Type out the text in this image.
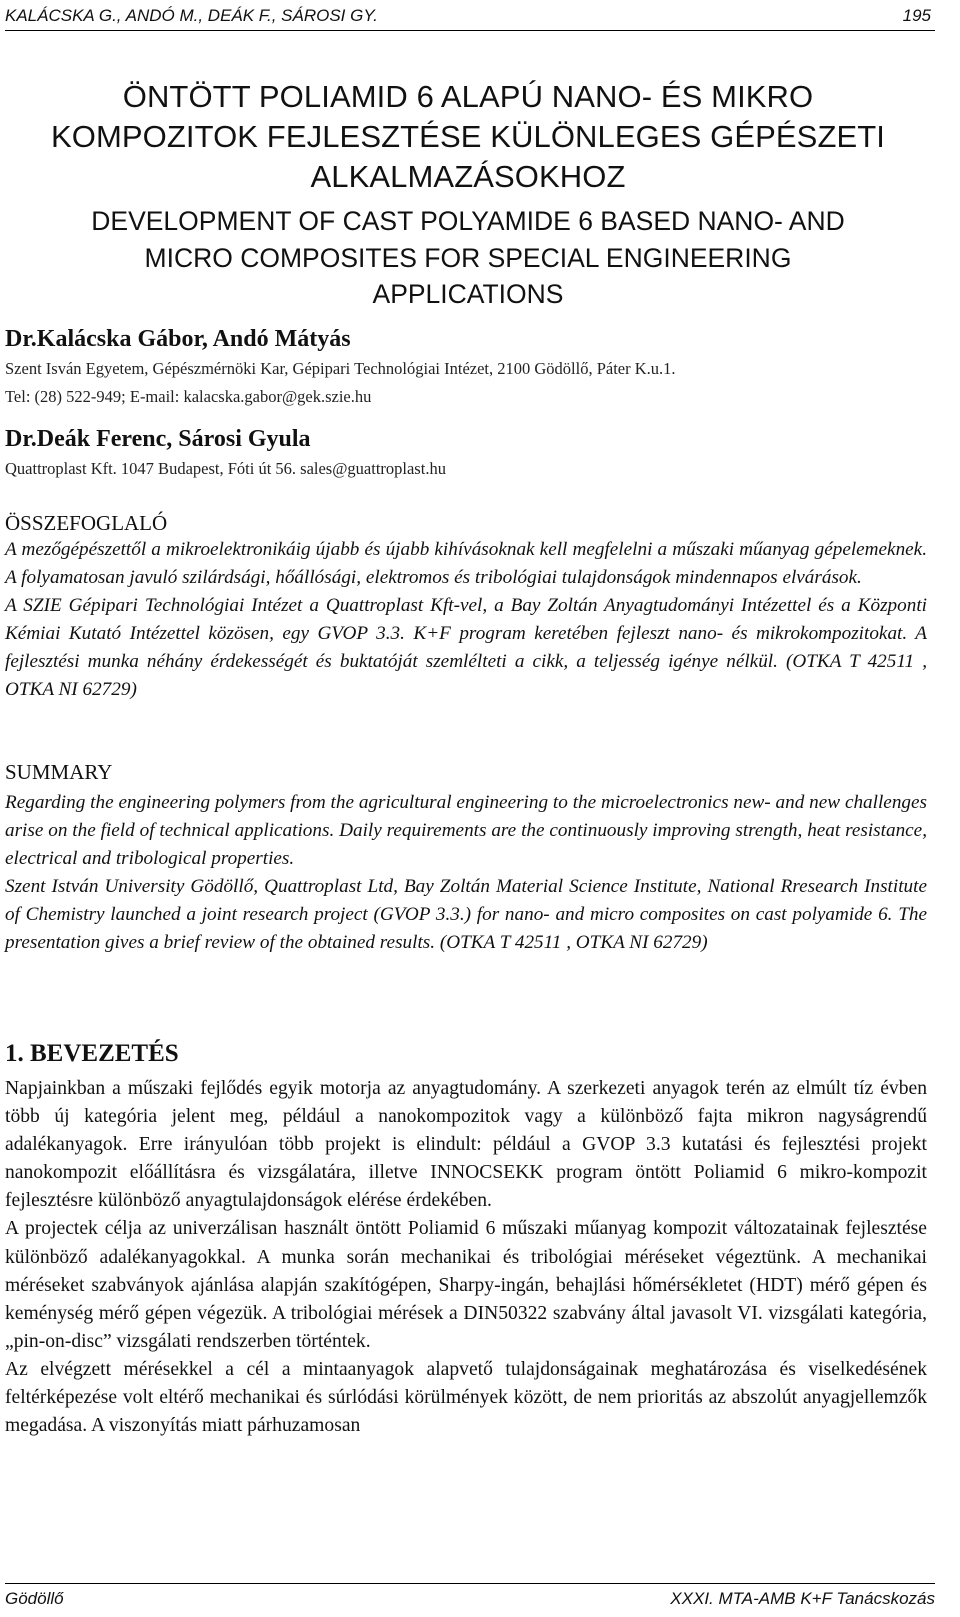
KALÁCSKA G., ANDÓ M., DEÁK F., SÁROSI GY.	195
ÖNTÖTT POLIAMID 6 ALAPÚ NANO- ÉS MIKRO
KOMPOZITOK FEJLESZTÉSE KÜLÖNLEGES GÉPÉSZETI
ALKALMAZÁSOKHOZ
DEVELOPMENT OF CAST POLYAMIDE 6 BASED NANO- AND
MICRO COMPOSITES FOR SPECIAL ENGINEERING
APPLICATIONS
Dr.Kalácska Gábor, Andó Mátyás
Szent Isván Egyetem, Gépészmérnöki Kar, Gépipari Technológiai Intézet, 2100 Gödöllő, Páter K.u.1.
Tel: (28) 522-949; E-mail: kalacska.gabor@gek.szie.hu
Dr.Deák Ferenc, Sárosi Gyula
Quattroplast Kft. 1047 Budapest, Fóti út 56. sales@guattroplast.hu
ÖSSZEFOGLALÓ

A mezőgépészettől a mikroelektronikáig újabb és újabb kihívásoknak kell megfelelni a műszaki műanyag gépelemeknek. A folyamatosan javuló szilárdsági, hőállósági, elektromos és tribológiai tulajdonságok mindennapos elvárások.

A SZIE Gépipari Technológiai Intézet a Quattroplast Kft-vel, a Bay Zoltán Anyagtudományi Intézettel és a Központi Kémiai Kutató Intézettel közösen, egy GVOP 3.3. K+F program keretében fejleszt nano- és mikrokompozitokat. A fejlesztési munka néhány érdekességét és buktatóját szemlélteti a cikk, a teljesség igénye nélkül. (OTKA T 42511 , OTKA NI 62729)

SUMMARY

Regarding the engineering polymers from the agricultural engineering to the microelectronics new- and new challenges arise on the field of technical applications. Daily requirements are the continuously improving strength, heat resistance, electrical and tribological properties.

Szent István University Gödöllő, Quattroplast Ltd, Bay Zoltán Material Science Institute, National Rresearch Institute of Chemistry launched a joint research project (GVOP 3.3.) for nano- and micro composites on cast polyamide 6. The presentation gives a brief review of the obtained results. (OTKA T 42511 , OTKA NI 62729)

1. BEVEZETÉS

Napjainkban a műszaki fejlődés egyik motorja az anyagtudomány. A szerkezeti anyagok terén az elmúlt tíz évben több új kategória jelent meg, például a nanokompozitok vagy a különböző fajta mikron nagyságrendű adalékanyagok. Erre irányulóan több projekt is elindult: például a GVOP 3.3 kutatási és fejlesztési projekt nanokompozit előállításra és vizsgálatára, illetve INNOCSEKK program öntött Poliamid 6 mikro-kompozit fejlesztésre különböző anyagtulajdonságok elérése érdekében.

A projectek célja az univerzálisan használt öntött Poliamid 6 műszaki műanyag kompozit változatainak fejlesztése különböző adalékanyagokkal. A munka során mechanikai és tribológiai méréseket végeztünk. A mechanikai méréseket szabványok ajánlása alapján szakítógépen, Sharpy-ingán, behajlási hőmérsékletet (HDT) mérő gépen és keménység mérő gépen végezük. A tribológiai mérések a DIN50322 szabvány által javasolt VI. vizsgálati kategória, „pin-on-disc” vizsgálati rendszerben történtek.

Az elvégzett mérésekkel a cél a mintaanyagok alapvető tulajdonságainak meghatározása és viselkedésének feltérképezése volt eltérő mechanikai és súrlódási körülmények között, de nem prioritás az abszolút anyagjellemzők megadása. A viszonyítás miatt párhuzamosan

Gödöllő	XXXI. MTA-AMB K+F Tanácskozás
